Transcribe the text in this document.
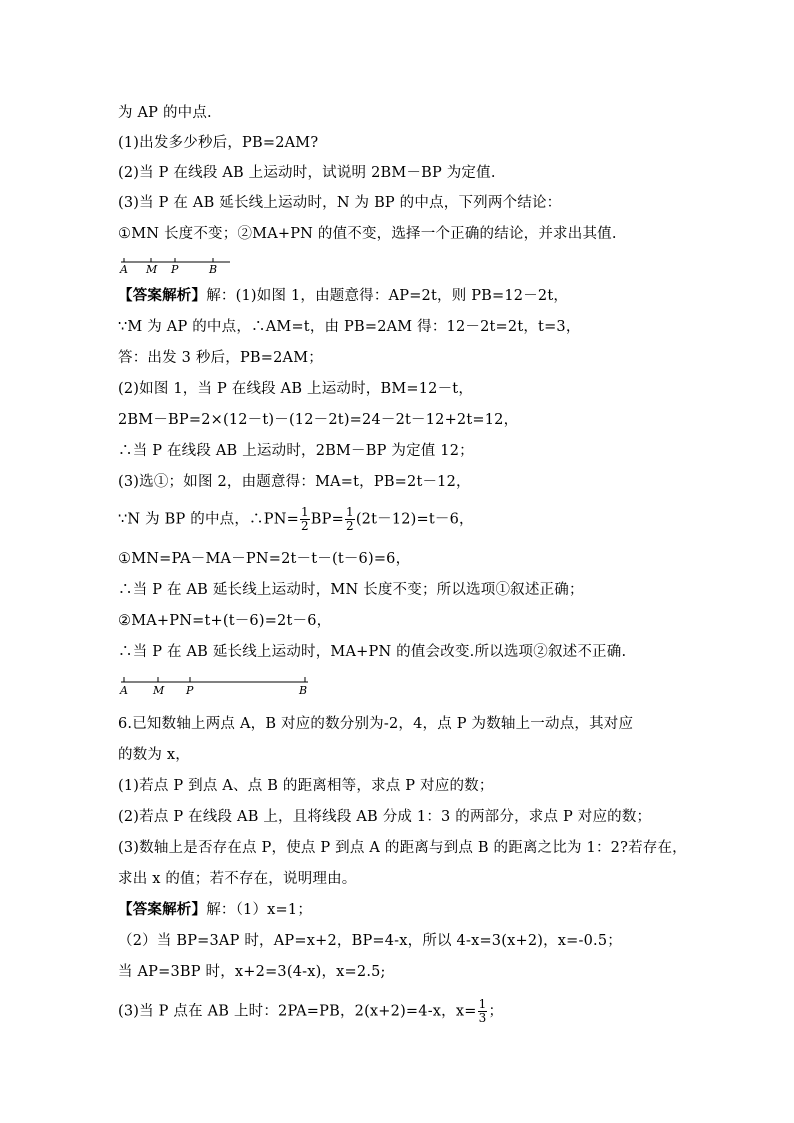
为 AP 的中点.
(1)出发多少秒后，PB=2AM?
(2)当 P 在线段 AB 上运动时，试说明 2BM－BP 为定值.
(3)当 P 在 AB 延长线上运动时，N 为 BP 的中点，下列两个结论：
①MN 长度不变；②MA+PN 的值不变，选择一个正确的结论，并求出其值.
A M P	B
【答案解析】解：(1)如图 1，由题意得：AP=2t，则 PB=12－2t，
∵M 为 AP 的中点，∴AM=t，由 PB=2AM 得：12－2t=2t，t=3，
答：出发 3 秒后，PB=2AM；
(2)如图 1，当 P 在线段 AB 上运动时，BM=12－t，
2BM－BP=2×(12－t)－(12－2t)=24－2t－12+2t=12，
∴当 P 在线段 AB 上运动时，2BM－BP 为定值 12；
(3)选①；如图 2，由题意得：MA=t，PB=2t－12，
∵N 为 BP 的中点，∴PN= $\frac{1}{2} BP= \frac{1}{2} (2t-12)=t-6$，
①MN=PA－MA－PN=2t－t－(t－6)=6，
∴当 P 在 AB 延长线上运动时，MN 长度不变；所以选项①叙述正确；
②MA+PN=t+(t－6)=2t－6，
∴当 P 在 AB 延长线上运动时，MA+PN 的值会改变.所以选项②叙述不正确.
A M P	B
6.已知数轴上两点 A，B 对应的数分别为-2，4，点 P 为数轴上一动点，其对应
的数为 x，
(1)若点 P 到点 A、点 B 的距离相等，求点 P 对应的数；
(2)若点 P 在线段 AB 上，且将线段 AB 分成 1：3 的两部分，求点 P 对应的数；
(3)数轴上是否存在点 P，使点 P 到点 A 的距离与到点 B 的距离之比为 1：2?若存在，
求出 x 的值；若不存在，说明理由。
【答案解析】解：（1）x=1；
（2）当 BP=3AP 时，AP=x+2，BP=4-x，所以 4-x=3(x+2)，x=-0.5；
当 AP=3BP 时，x+2=3(4-x)，x=2.5;
(3)当 P 点在 AB 上时：2PA=PB，2(x+2)=4-x，$x= \frac{1}{3}$ ；
